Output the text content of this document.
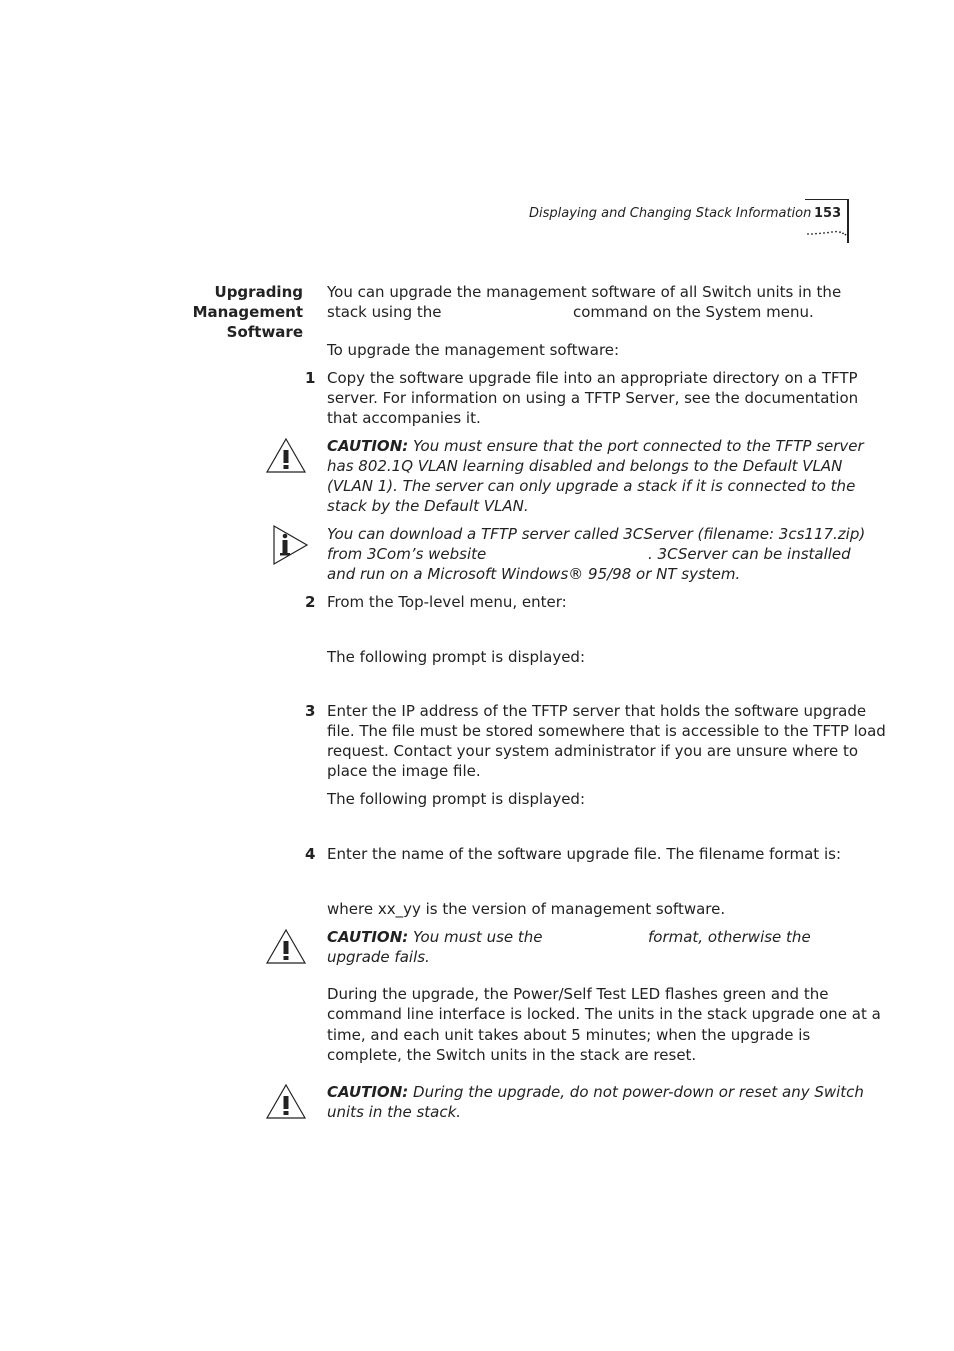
Displaying and Changing Stack Information 153
Upgrading
Management
Software
You can upgrade the management software of all Switch units in the
stack using the	command on the System menu.
To upgrade the management software:
1 Copy the software upgrade file into an appropriate directory on a TFTP
server. For information on using a TFTP Server, see the documentation
that accompanies it.
CAUTION: You must ensure that the port connected to the TFTP server
has 802.1Q VLAN learning disabled and belongs to the Default VLAN
(VLAN 1). The server can only upgrade a stack if it is connected to the
stack by the Default VLAN.
You can download a TFTP server called 3CServer (filename: 3cs117.zip)
from 3Com’s website	. 3CServer can be installed
and run on a Microsoft Windows® 95/98 or NT system.
2 From the Top-level menu, enter:
The following prompt is displayed:
3 Enter the IP address of the TFTP server that holds the software upgrade
file. The file must be stored somewhere that is accessible to the TFTP load
request. Contact your system administrator if you are unsure where to
place the image file.
The following prompt is displayed:
4 Enter the name of the software upgrade file. The filename format is:
where xx_yy is the version of management software.
CAUTION: You must use the	format, otherwise the
upgrade fails.
During the upgrade, the Power/Self Test LED flashes green and the
command line interface is locked. The units in the stack upgrade one at a
time, and each unit takes about 5 minutes; when the upgrade is
complete, the Switch units in the stack are reset.
CAUTION: During the upgrade, do not power-down or reset any Switch
units in the stack.
